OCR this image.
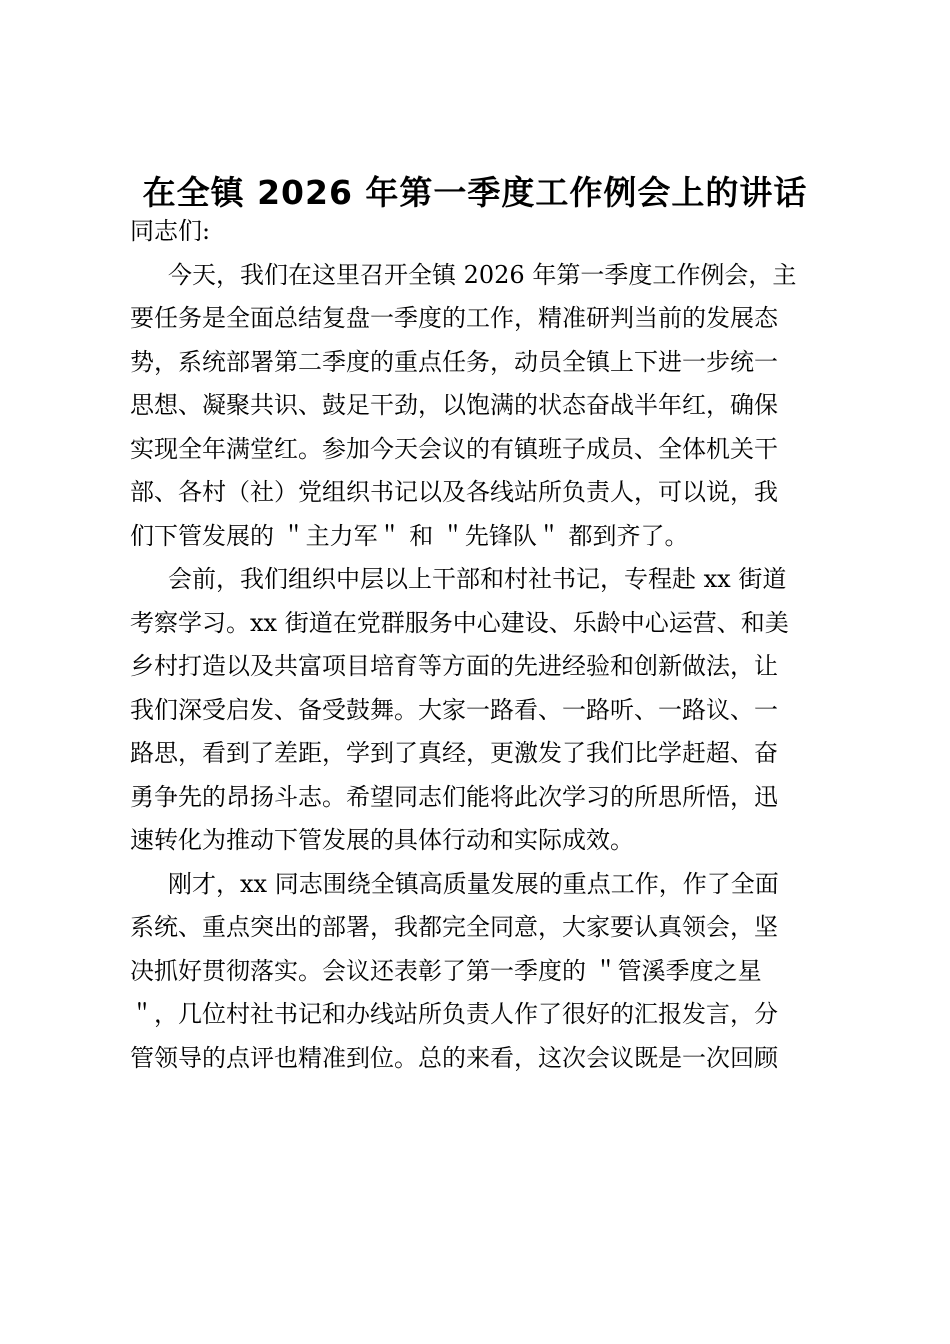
在全镇 2026 年第一季度工作例会上的讲话
同志们:
今天，我们在这里召开全镇 2026 年第一季度工作例会，主
要任务是全面总结复盘一季度的工作，精准研判当前的发展态
势，系统部署第二季度的重点任务，动员全镇上下进一步统一
思想、凝聚共识、鼓足干劲，以饱满的状态奋战半年红，确保
实现全年满堂红。参加今天会议的有镇班子成员、全体机关干
部、各村（社）党组织书记以及各线站所负责人，可以说，我
们下管发展的 ＂主力军＂ 和 ＂先锋队＂ 都到齐了。
会前，我们组织中层以上干部和村社书记，专程赴 xx 街道
考察学习。xx 街道在党群服务中心建设、乐龄中心运营、和美
乡村打造以及共富项目培育等方面的先进经验和创新做法，让
我们深受启发、备受鼓舞。大家一路看、一路听、一路议、一
路思，看到了差距，学到了真经，更激发了我们比学赶超、奋
勇争先的昂扬斗志。希望同志们能将此次学习的所思所悟，迅
速转化为推动下管发展的具体行动和实际成效。
刚才，xx 同志围绕全镇高质量发展的重点工作，作了全面
系统、重点突出的部署，我都完全同意，大家要认真领会，坚
决抓好贯彻落实。会议还表彰了第一季度的 ＂管溪季度之星
＂，几位村社书记和办线站所负责人作了很好的汇报发言，分
管领导的点评也精准到位。总的来看，这次会议既是一次回顾
